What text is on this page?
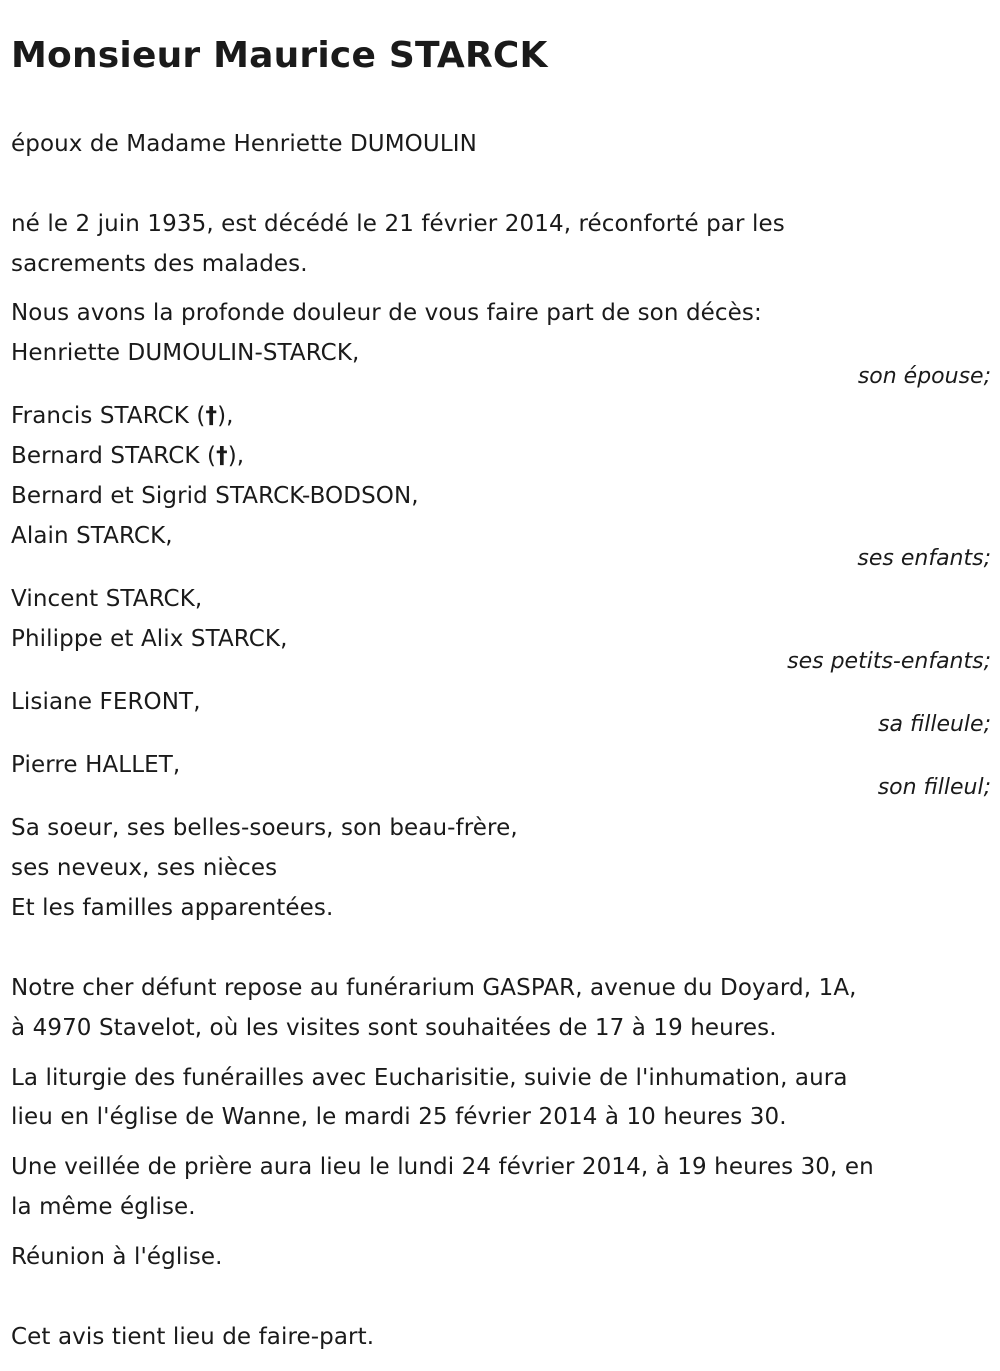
Monsieur Maurice STARCK
époux de Madame Henriette DUMOULIN
né le 2 juin 1935, est décédé le 21 février 2014, réconforté par les
sacrements des malades.
Nous avons la profonde douleur de vous faire part de son décès:
Henriette DUMOULIN-STARCK,
son épouse;
Francis STARCK (†),
Bernard STARCK (†),
Bernard et Sigrid STARCK-BODSON,
Alain STARCK,
ses enfants;
Vincent STARCK,
Philippe et Alix STARCK,
ses petits-enfants;
Lisiane FERONT,
sa filleule;
Pierre HALLET,
son filleul;
Sa soeur, ses belles-soeurs, son beau-frère,
ses neveux, ses nièces
Et les familles apparentées.
Notre cher défunt repose au funérarium GASPAR, avenue du Doyard, 1A,
à 4970 Stavelot, où les visites sont souhaitées de 17 à 19 heures.
La liturgie des funérailles avec Eucharisitie, suivie de l'inhumation, aura
lieu en l'église de Wanne, le mardi 25 février 2014 à 10 heures 30.
Une veillée de prière aura lieu le lundi 24 février 2014, à 19 heures 30, en
la même église.
Réunion à l'église.
Cet avis tient lieu de faire-part.
